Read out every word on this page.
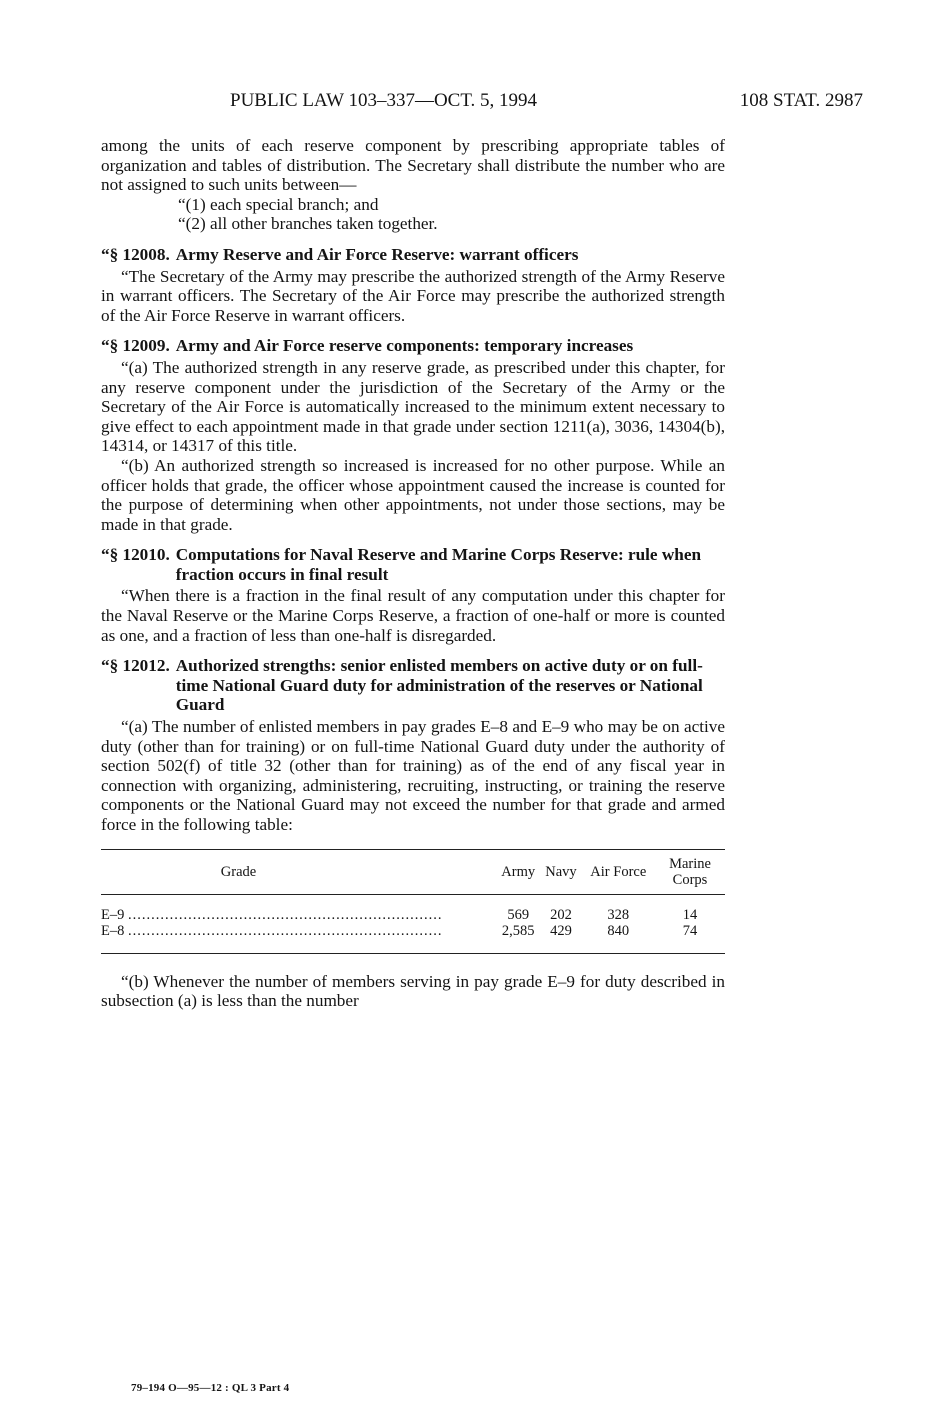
PUBLIC LAW 103–337—OCT. 5, 1994	108 STAT. 2987

among the units of each reserve component by prescribing appropriate tables of organization and tables of distribution. The Secretary shall distribute the number who are not assigned to such units between—

“(1) each special branch; and

“(2) all other branches taken together.

“§ 12008. Army Reserve and Air Force Reserve: warrant officers

“The Secretary of the Army may prescribe the authorized strength of the Army Reserve in warrant officers. The Secretary of the Air Force may prescribe the authorized strength of the Air Force Reserve in warrant officers.

“§ 12009. Army and Air Force reserve components: temporary increases

“(a) The authorized strength in any reserve grade, as prescribed under this chapter, for any reserve component under the jurisdiction of the Secretary of the Army or the Secretary of the Air Force is automatically increased to the minimum extent necessary to give effect to each appointment made in that grade under section 1211(a), 3036, 14304(b), 14314, or 14317 of this title.

“(b) An authorized strength so increased is increased for no other purpose. While an officer holds that grade, the officer whose appointment caused the increase is counted for the purpose of determining when other appointments, not under those sections, may be made in that grade.

“§ 12010. Computations for Naval Reserve and Marine Corps Reserve: rule when fraction occurs in final result

“When there is a fraction in the final result of any computation under this chapter for the Naval Reserve or the Marine Corps Reserve, a fraction of one-half or more is counted as one, and a fraction of less than one-half is disregarded.

“§ 12012. Authorized strengths: senior enlisted members on active duty or on full-time National Guard duty for administration of the reserves or National Guard

“(a) The number of enlisted members in pay grades E–8 and E–9 who may be on active duty (other than for training) or on full-time National Guard duty under the authority of section 502(f) of title 32 (other than for training) as of the end of any fiscal year in connection with organizing, administering, recruiting, instructing, or training the reserve components or the National Guard may not exceed the number for that grade and armed force in the following table:

Grade	Army	Navy	Air Force	Marine Corps
E–9 ....................................................................	569	202	328	14
E–8 ....................................................................	2,585	429	840	74

“(b) Whenever the number of members serving in pay grade E–9 for duty described in subsection (a) is less than the number

79–194 O—95—12 : QL 3 Part 4
